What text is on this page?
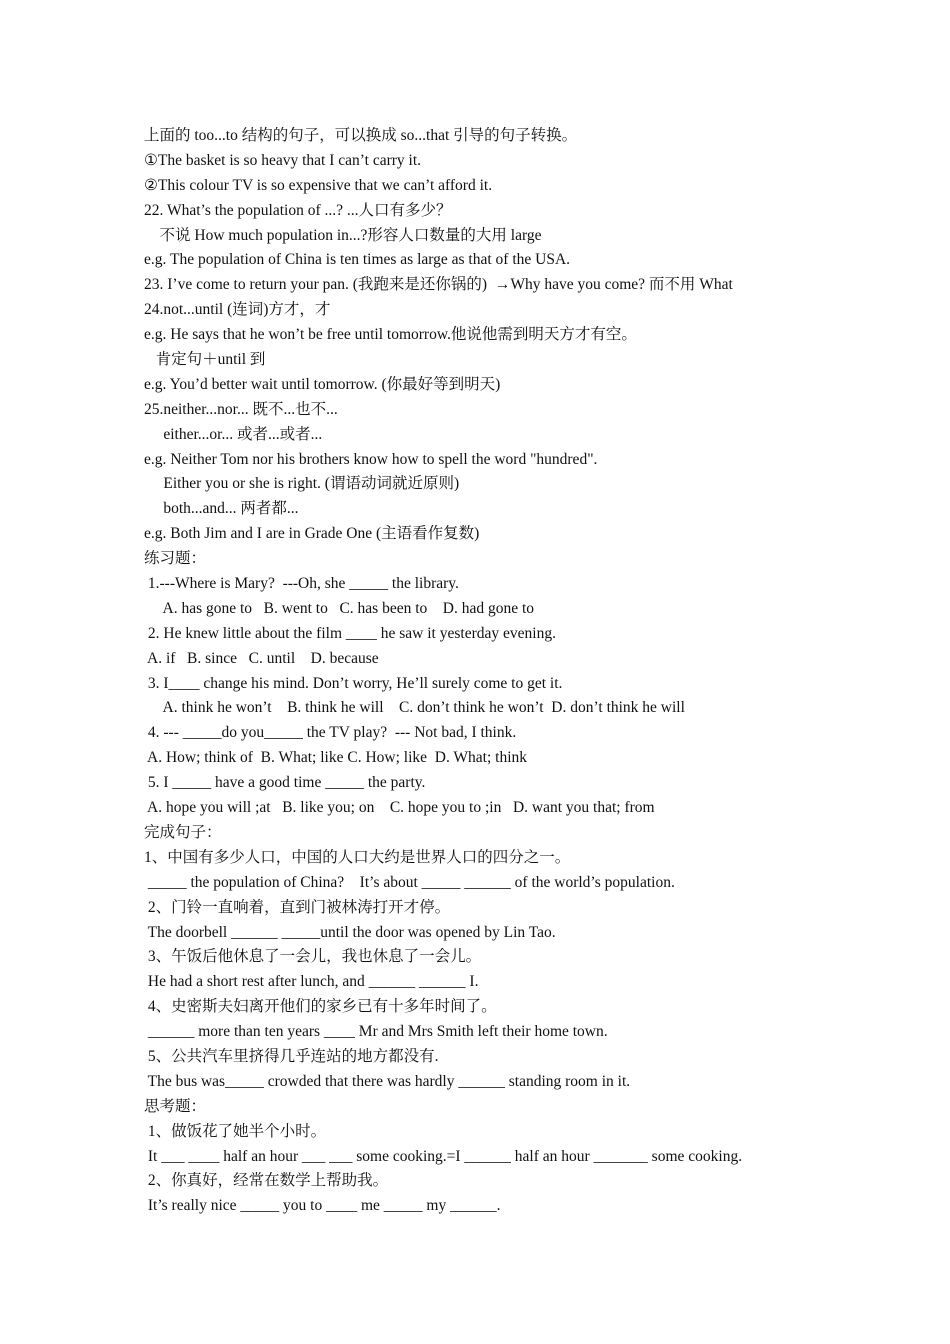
上面的 too...to 结构的句子，可以换成 so...that 引导的句子转换。
①The basket is so heavy that I can’t carry it.
②This colour TV is so expensive that we can’t afford it.
22. What’s the population of ...? ...人口有多少？
不说 How much population in...?形容人口数量的大用 large
e.g. The population of China is ten times as large as that of the USA.
23. I’ve come to return your pan. (我跑来是还你锅的)  →Why have you come? 而不用 What
24.not...until (连词)方才，才
e.g. He says that he won’t be free until tomorrow.他说他需到明天方才有空。
肯定句＋until 到
e.g. You’d better wait until tomorrow. (你最好等到明天)
25.neither...nor... 既不...也不...
either...or... 或者...或者...
e.g. Neither Tom nor his brothers know how to spell the word "hundred".
Either you or she is right. (谓语动词就近原则)
both...and... 两者都...
e.g. Both Jim and I are in Grade One (主语看作复数)
练习题：
1.---Where is Mary?  ---Oh, she _____ the library.
A. has gone to   B. went to   C. has been to    D. had gone to
2. He knew little about the film ____ he saw it yesterday evening.
A. if   B. since   C. until    D. because
3. I____ change his mind. Don’t worry, He’ll surely come to get it.
A. think he won’t    B. think he will    C. don’t think he won’t  D. don’t think he will
4. --- _____do you_____ the TV play?  --- Not bad, I think.
A. How; think of  B. What; like C. How; like  D. What; think
5. I _____ have a good time _____ the party.
A. hope you will ;at   B. like you; on    C. hope you to ;in   D. want you that; from
完成句子：
1、中国有多少人口，中国的人口大约是世界人口的四分之一。
_____ the population of China?    It’s about _____ ______ of the world’s population.
2、门铃一直响着，直到门被林涛打开才停。
The doorbell ______ _____until the door was opened by Lin Tao.
3、午饭后他休息了一会儿，我也休息了一会儿。
He had a short rest after lunch, and ______ ______ I.
4、史密斯夫妇离开他们的家乡已有十多年时间了。
______ more than ten years ____ Mr and Mrs Smith left their home town.
5、公共汽车里挤得几乎连站的地方都没有.
The bus was_____ crowded that there was hardly ______ standing room in it.
思考题：
1、做饭花了她半个小时。
It ___ ____ half an hour ___ ___ some cooking.=I ______ half an hour _______ some cooking.
2、你真好，经常在数学上帮助我。
It’s really nice _____ you to ____ me _____ my ______.
